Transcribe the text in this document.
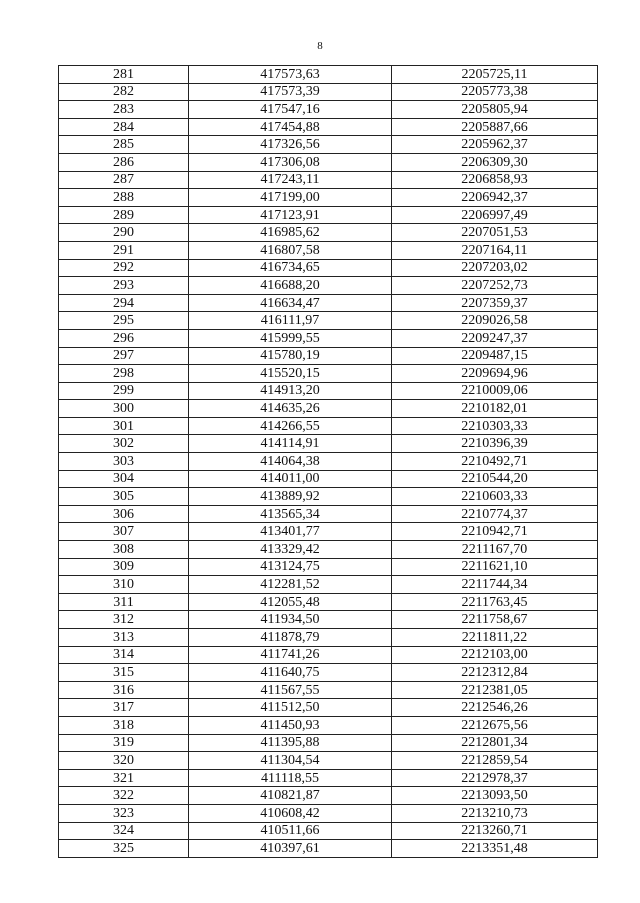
8
281	417573,63	2205725,11
282	417573,39	2205773,38
283	417547,16	2205805,94
284	417454,88	2205887,66
285	417326,56	2205962,37
286	417306,08	2206309,30
287	417243,11	2206858,93
288	417199,00	2206942,37
289	417123,91	2206997,49
290	416985,62	2207051,53
291	416807,58	2207164,11
292	416734,65	2207203,02
293	416688,20	2207252,73
294	416634,47	2207359,37
295	416111,97	2209026,58
296	415999,55	2209247,37
297	415780,19	2209487,15
298	415520,15	2209694,96
299	414913,20	2210009,06
300	414635,26	2210182,01
301	414266,55	2210303,33
302	414114,91	2210396,39
303	414064,38	2210492,71
304	414011,00	2210544,20
305	413889,92	2210603,33
306	413565,34	2210774,37
307	413401,77	2210942,71
308	413329,42	2211167,70
309	413124,75	2211621,10
310	412281,52	2211744,34
311	412055,48	2211763,45
312	411934,50	2211758,67
313	411878,79	2211811,22
314	411741,26	2212103,00
315	411640,75	2212312,84
316	411567,55	2212381,05
317	411512,50	2212546,26
318	411450,93	2212675,56
319	411395,88	2212801,34
320	411304,54	2212859,54
321	411118,55	2212978,37
322	410821,87	2213093,50
323	410608,42	2213210,73
324	410511,66	2213260,71
325	410397,61	2213351,48
